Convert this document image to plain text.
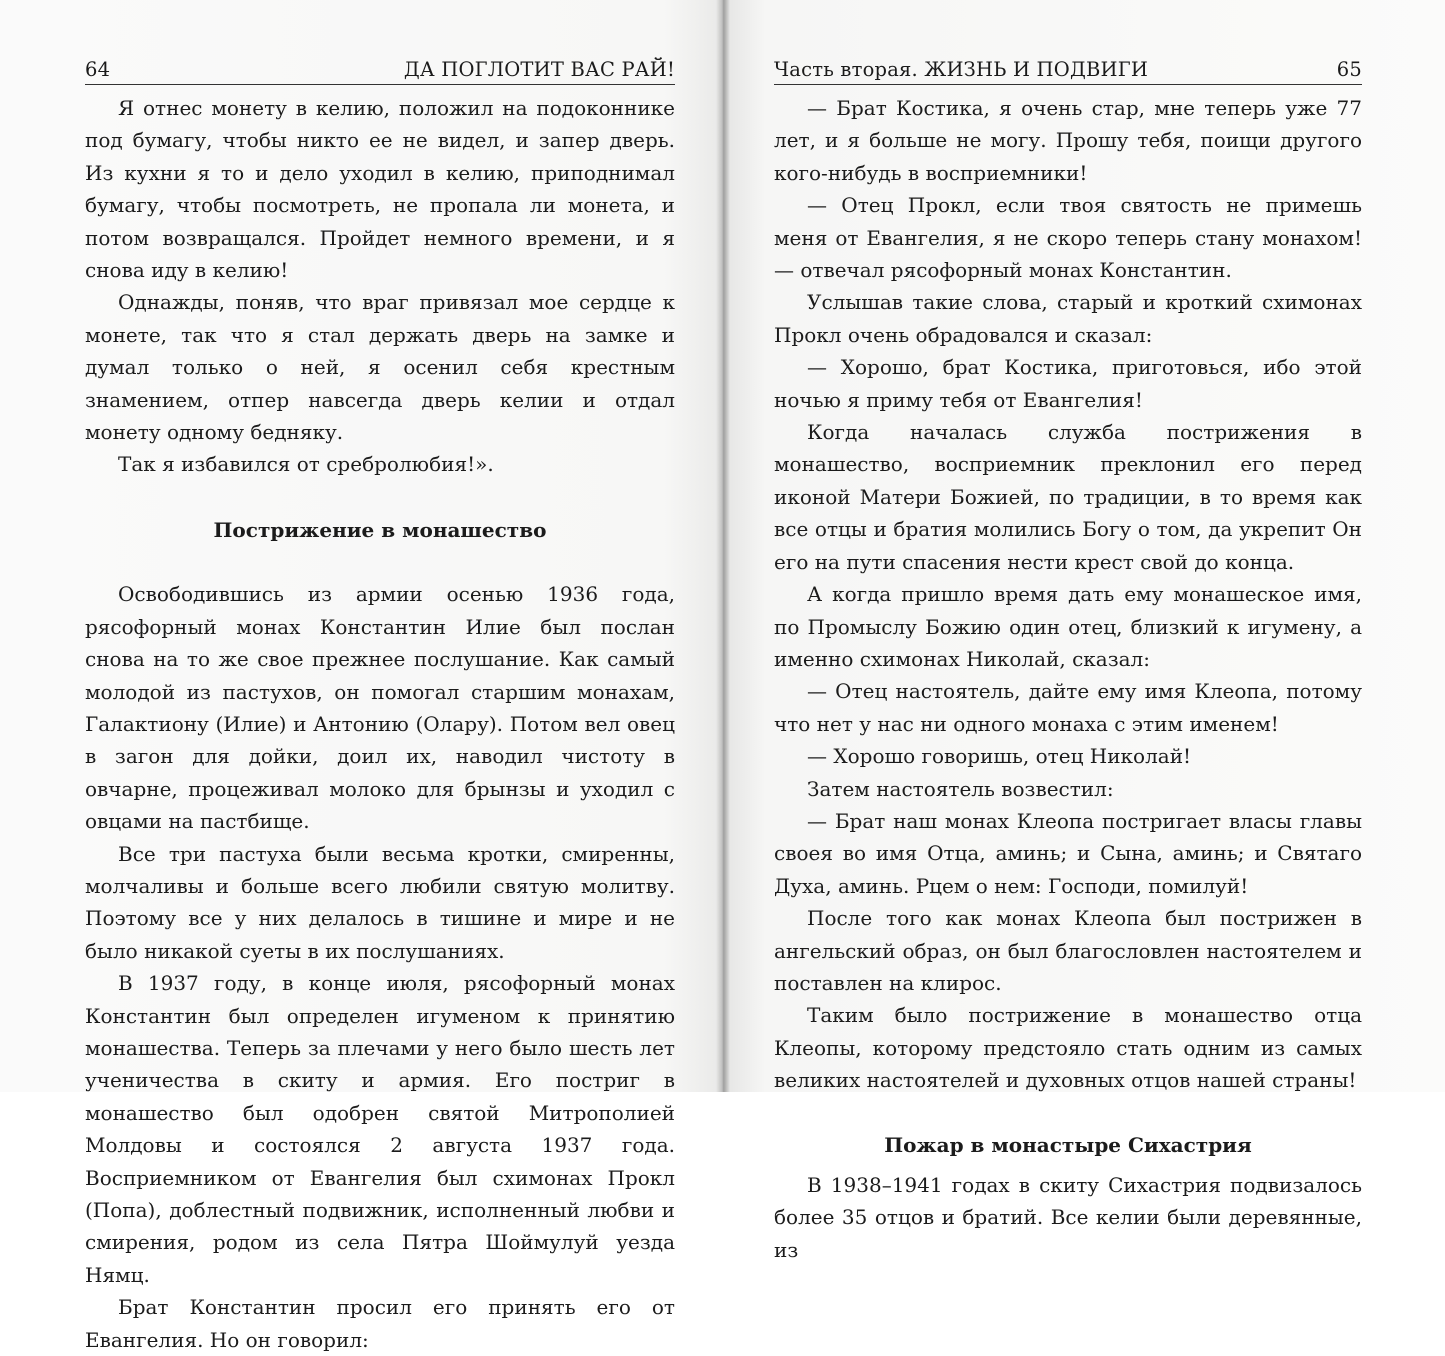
64	ДА ПОГЛОТИТ ВАС РАЙ!

Я отнес монету в келию, положил на подоконнике под бумагу, чтобы никто ее не видел, и запер дверь. Из кухни я то и дело уходил в келию, приподнимал бумагу, чтобы посмотреть, не пропала ли монета, и потом возвращался. Пройдет немного времени, и я снова иду в келию!

Однажды, поняв, что враг привязал мое сердце к монете, так что я стал держать дверь на замке и думал только о ней, я осенил себя крестным знамением, отпер навсегда дверь келии и отдал монету одному бедняку.

Так я избавился от сребролюбия!».

Пострижение в монашество

Освободившись из армии осенью 1936 года, рясофорный монах Константин Илие был послан снова на то же свое прежнее послушание. Как самый молодой из пастухов, он помогал старшим монахам, Галактиону (Илие) и Антонию (Олару). Потом вел овец в загон для дойки, доил их, наводил чистоту в овчарне, процеживал молоко для брынзы и уходил с овцами на пастбище.

Все три пастуха были весьма кротки, смиренны, молчаливы и больше всего любили святую молитву. Поэтому все у них делалось в тишине и мире и не было никакой суеты в их послушаниях.

В 1937 году, в конце июля, рясофорный монах Константин был определен игуменом к принятию монашества. Теперь за плечами у него было шесть лет ученичества в скиту и армия. Его постриг в монашество был одобрен святой Митрополией Молдовы и состоялся 2 августа 1937 года. Восприемником от Евангелия был схимонах Прокл (Попа), доблестный подвижник, исполненный любви и смирения, родом из села Пятра Шоймулуй уезда Нямц.

Брат Константин просил его принять его от Евангелия. Но он говорил:

Часть вторая. ЖИЗНЬ И ПОДВИГИ	65

— Брат Костика, я очень стар, мне теперь уже 77 лет, и я больше не могу. Прошу тебя, поищи другого кого-нибудь в восприемники!

— Отец Прокл, если твоя святость не примешь меня от Евангелия, я не скоро теперь стану монахом! — отвечал рясофорный монах Константин.

Услышав такие слова, старый и кроткий схимонах Прокл очень обрадовался и сказал:

— Хорошо, брат Костика, приготовься, ибо этой ночью я приму тебя от Евангелия!

Когда началась служба пострижения в монашество, восприемник преклонил его перед иконой Матери Божией, по традиции, в то время как все отцы и братия молились Богу о том, да укрепит Он его на пути спасения нести крест свой до конца.

А когда пришло время дать ему монашеское имя, по Промыслу Божию один отец, близкий к игумену, а именно схимонах Николай, сказал:

— Отец настоятель, дайте ему имя Клеопа, потому что нет у нас ни одного монаха с этим именем!

— Хорошо говоришь, отец Николай!

Затем настоятель возвестил:

— Брат наш монах Клеопа постригает власы главы своея во имя Отца, аминь; и Сына, аминь; и Святаго Духа, аминь. Рцем о нем: Господи, помилуй!

После того как монах Клеопа был пострижен в ангельский образ, он был благословлен настоятелем и поставлен на клирос.

Таким было пострижение в монашество отца Клеопы, которому предстояло стать одним из самых великих настоятелей и духовных отцов нашей страны!

Пожар в монастыре Сихастрия

В 1938–1941 годах в скиту Сихастрия подвизалось более 35 отцов и братий. Все келии были деревянные, из
